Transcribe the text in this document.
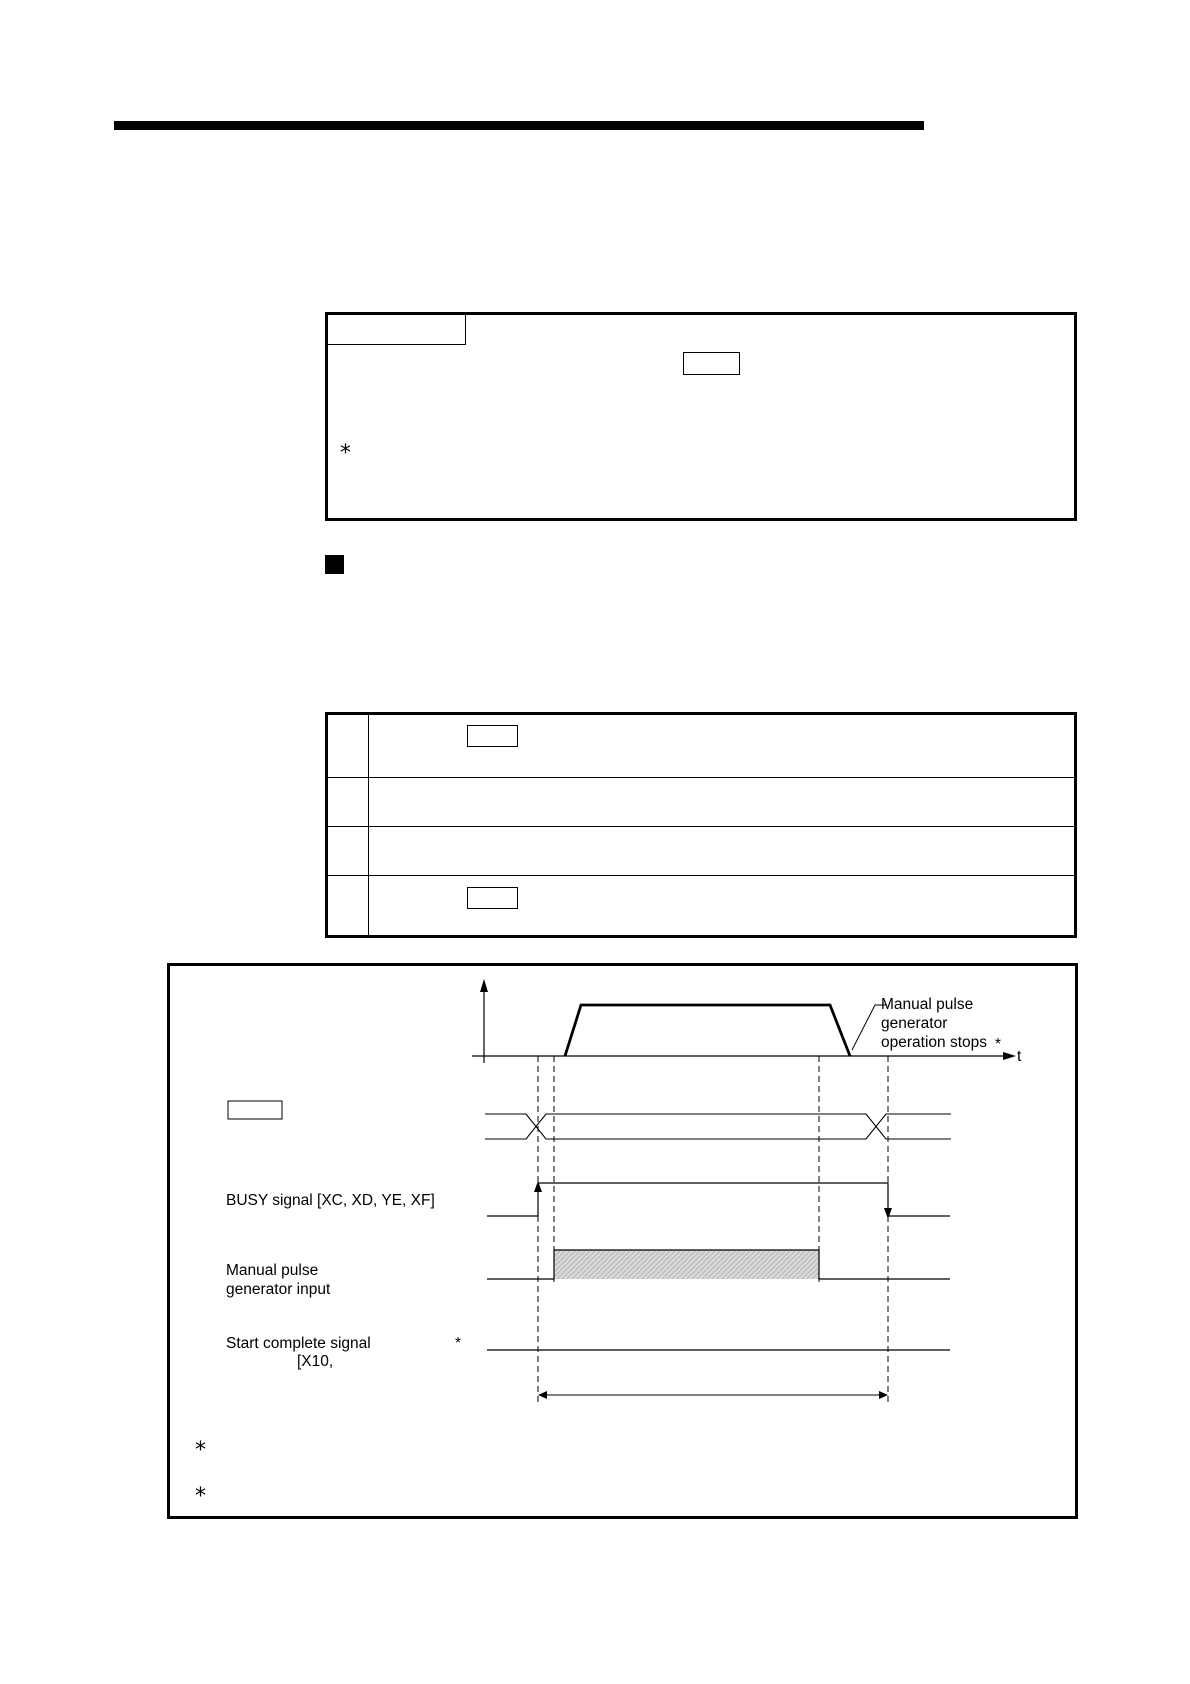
*
Manual pulse
generator
operation stops *
t
BUSY signal [XC, XD, YE, XF]
Manual pulse
generator input
Start complete signal	*
[X10,
*
*
